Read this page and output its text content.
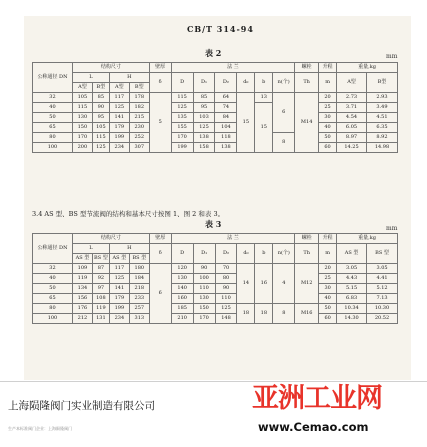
CB/T 314-94
表 2	mm
公称通径 DN	结构尺寸				壁厚	法 兰						螺栓	升程	重量,kg	
	L		H		δ	D	D₁	D₂	d₀	b	n(个)	Th	m	A型	B型
	A型	B型	A型	B型											
32	105	85	117	178	5	115	85	64	15	13	6	M14	20	2.73	2.93
40	115	90	125	182		125	95	74		15			25	3.71	3.49
50	130	95	141	215		135	103	84					30	4.54	4.51
65	150	105	179	230		155	125	104					40	6.05	6.35
80	170	115	199	252		170	138	118			8		50	8.97	8.92
100	200	125	234	307		199	158	138					60	14.25	14.98
3.4 AS 型、BS 型节流阀的结构和基本尺寸按图 1、图 2 和表 3。
表 3	mm
公称通径 DN	结构尺寸				壁厚	法 兰						螺栓	升程	重量,kg	
	L		H		δ	D	D₁	D₂	d₀	b	n(个)	Th	m	AS 型	BS 型
	AS 型	BS 型	AS 型	BS 型											
32	109	87	117	180	6	120	90	70	14	16	4	M12	20	3.05	3.05
40	119	92	125	184		130	100	80					25	4.43	4.41
50	134	97	141	218		140	110	90					30	5.15	5.12
65	156	108	179	233		160	130	110					40	6.83	7.13
80	176	119	199	257		185	150	125	18	18	8	M16	50	10.34	10.30
100	212	131	234	313		210	170	148					60	14.30	20.52
上海陨隆阀门实业制造有限公司
生产本标准阀门企业：上海陨隆阀门
亚洲工业网
www.Cemao.com
